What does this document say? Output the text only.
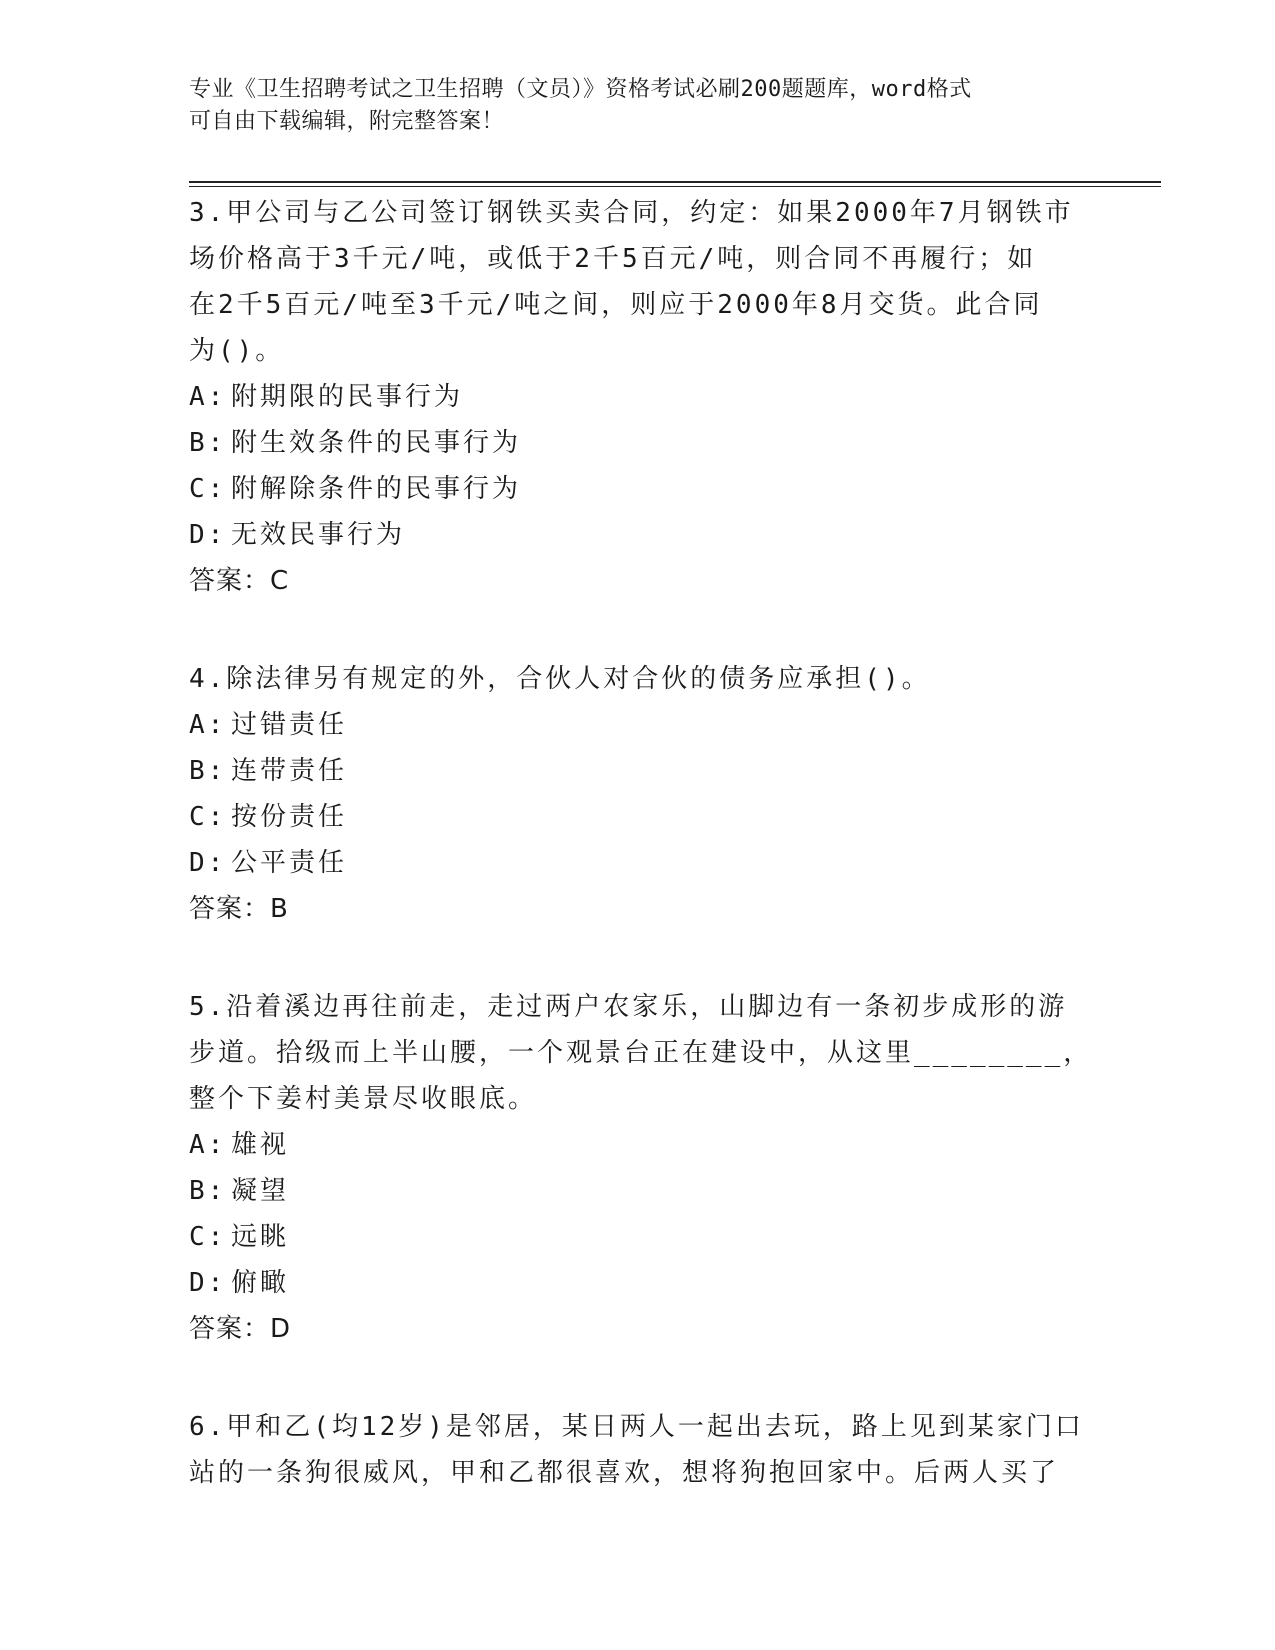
专业《卫生招聘考试之卫生招聘（文员）》资格考试必刷200题题库，word格式
可自由下载编辑，附完整答案！

3.甲公司与乙公司签订钢铁买卖合同，约定：如果2000年7月钢铁市

场价格高于3千元/吨，或低于2千5百元/吨，则合同不再履行；如

在2千5百元/吨至3千元/吨之间，则应于2000年8月交货。此合同

为()。

A: 附期限的民事行为

B: 附生效条件的民事行为

C: 附解除条件的民事行为

D: 无效民事行为

答案：C

4.除法律另有规定的外，合伙人对合伙的债务应承担()。

A: 过错责任

B: 连带责任

C: 按份责任

D: 公平责任

答案：B

5.沿着溪边再往前走，走过两户农家乐，山脚边有一条初步成形的游

步道。拾级而上半山腰，一个观景台正在建设中，从这里________，

整个下姜村美景尽收眼底。

A: 雄视

B: 凝望

C: 远眺

D: 俯瞰

答案：D

6.甲和乙(均12岁)是邻居，某日两人一起出去玩，路上见到某家门口

站的一条狗很威风，甲和乙都很喜欢，想将狗抱回家中。后两人买了
